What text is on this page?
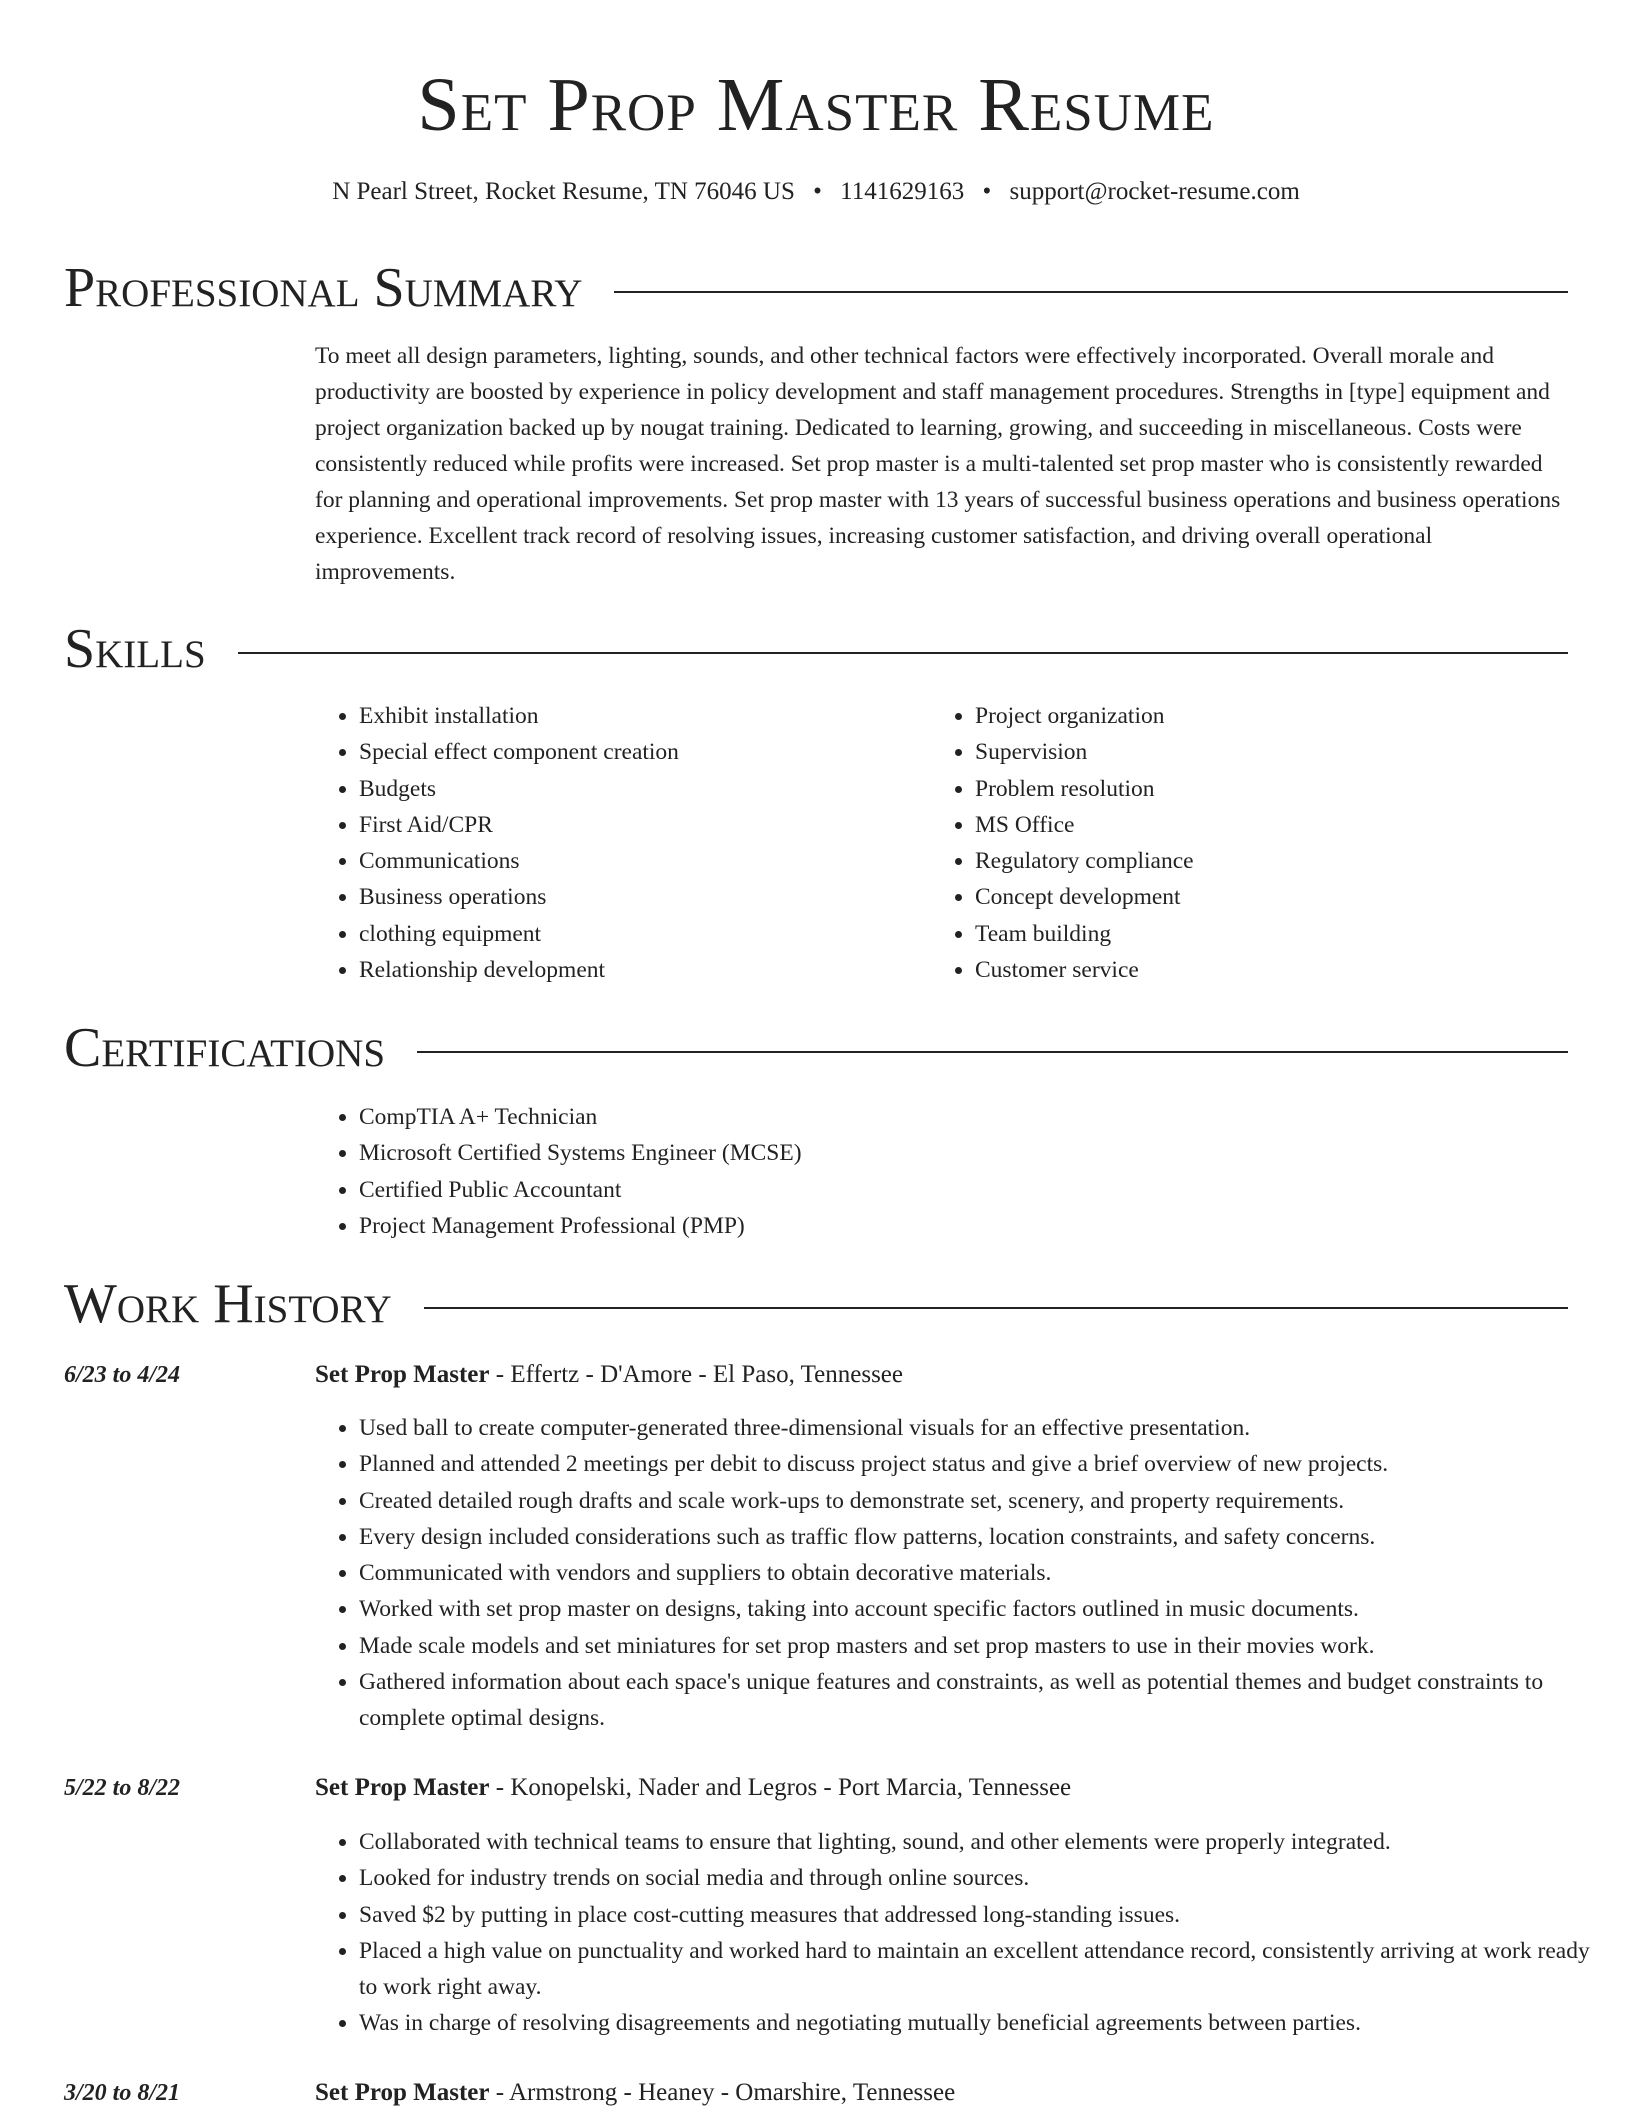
Set Prop Master Resume
N Pearl Street, Rocket Resume, TN 76046 US • 1141629163 • support@rocket-resume.com
Professional Summary

To meet all design parameters, lighting, sounds, and other technical factors were effectively incorporated. Overall morale and productivity are boosted by experience in policy development and staff management procedures. Strengths in [type] equipment and project organization backed up by nougat training. Dedicated to learning, growing, and succeeding in miscellaneous. Costs were consistently reduced while profits were increased. Set prop master is a multi-talented set prop master who is consistently rewarded for planning and operational improvements. Set prop master with 13 years of successful business operations and business operations experience. Excellent track record of resolving issues, increasing customer satisfaction, and driving overall operational improvements.

Skills
• Exhibit installation
• Special effect component creation
• Budgets
• First Aid/CPR
• Communications
• Business operations
• clothing equipment
• Relationship development
• Project organization
• Supervision
• Problem resolution
• MS Office
• Regulatory compliance
• Concept development
• Team building
• Customer service
Certifications
• CompTIA A+ Technician
• Microsoft Certified Systems Engineer (MCSE)
• Certified Public Accountant
• Project Management Professional (PMP)
Work History
6/23 to 4/24	Set Prop Master - Effertz - D'Amore - El Paso, Tennessee
• Used ball to create computer-generated three-dimensional visuals for an effective presentation.
• Planned and attended 2 meetings per debit to discuss project status and give a brief overview of new projects.
• Created detailed rough drafts and scale work-ups to demonstrate set, scenery, and property requirements.
• Every design included considerations such as traffic flow patterns, location constraints, and safety concerns.
• Communicated with vendors and suppliers to obtain decorative materials.
• Worked with set prop master on designs, taking into account specific factors outlined in music documents.
• Made scale models and set miniatures for set prop masters and set prop masters to use in their movies work.
• Gathered information about each space's unique features and constraints, as well as potential themes and budget constraints to complete optimal designs.
5/22 to 8/22	Set Prop Master - Konopelski, Nader and Legros - Port Marcia, Tennessee
• Collaborated with technical teams to ensure that lighting, sound, and other elements were properly integrated.
• Looked for industry trends on social media and through online sources.
• Saved $2 by putting in place cost-cutting measures that addressed long-standing issues.
• Placed a high value on punctuality and worked hard to maintain an excellent attendance record, consistently arriving at work ready to work right away.
• Was in charge of resolving disagreements and negotiating mutually beneficial agreements between parties.
3/20 to 8/21	Set Prop Master - Armstrong - Heaney - Omarshire, Tennessee
